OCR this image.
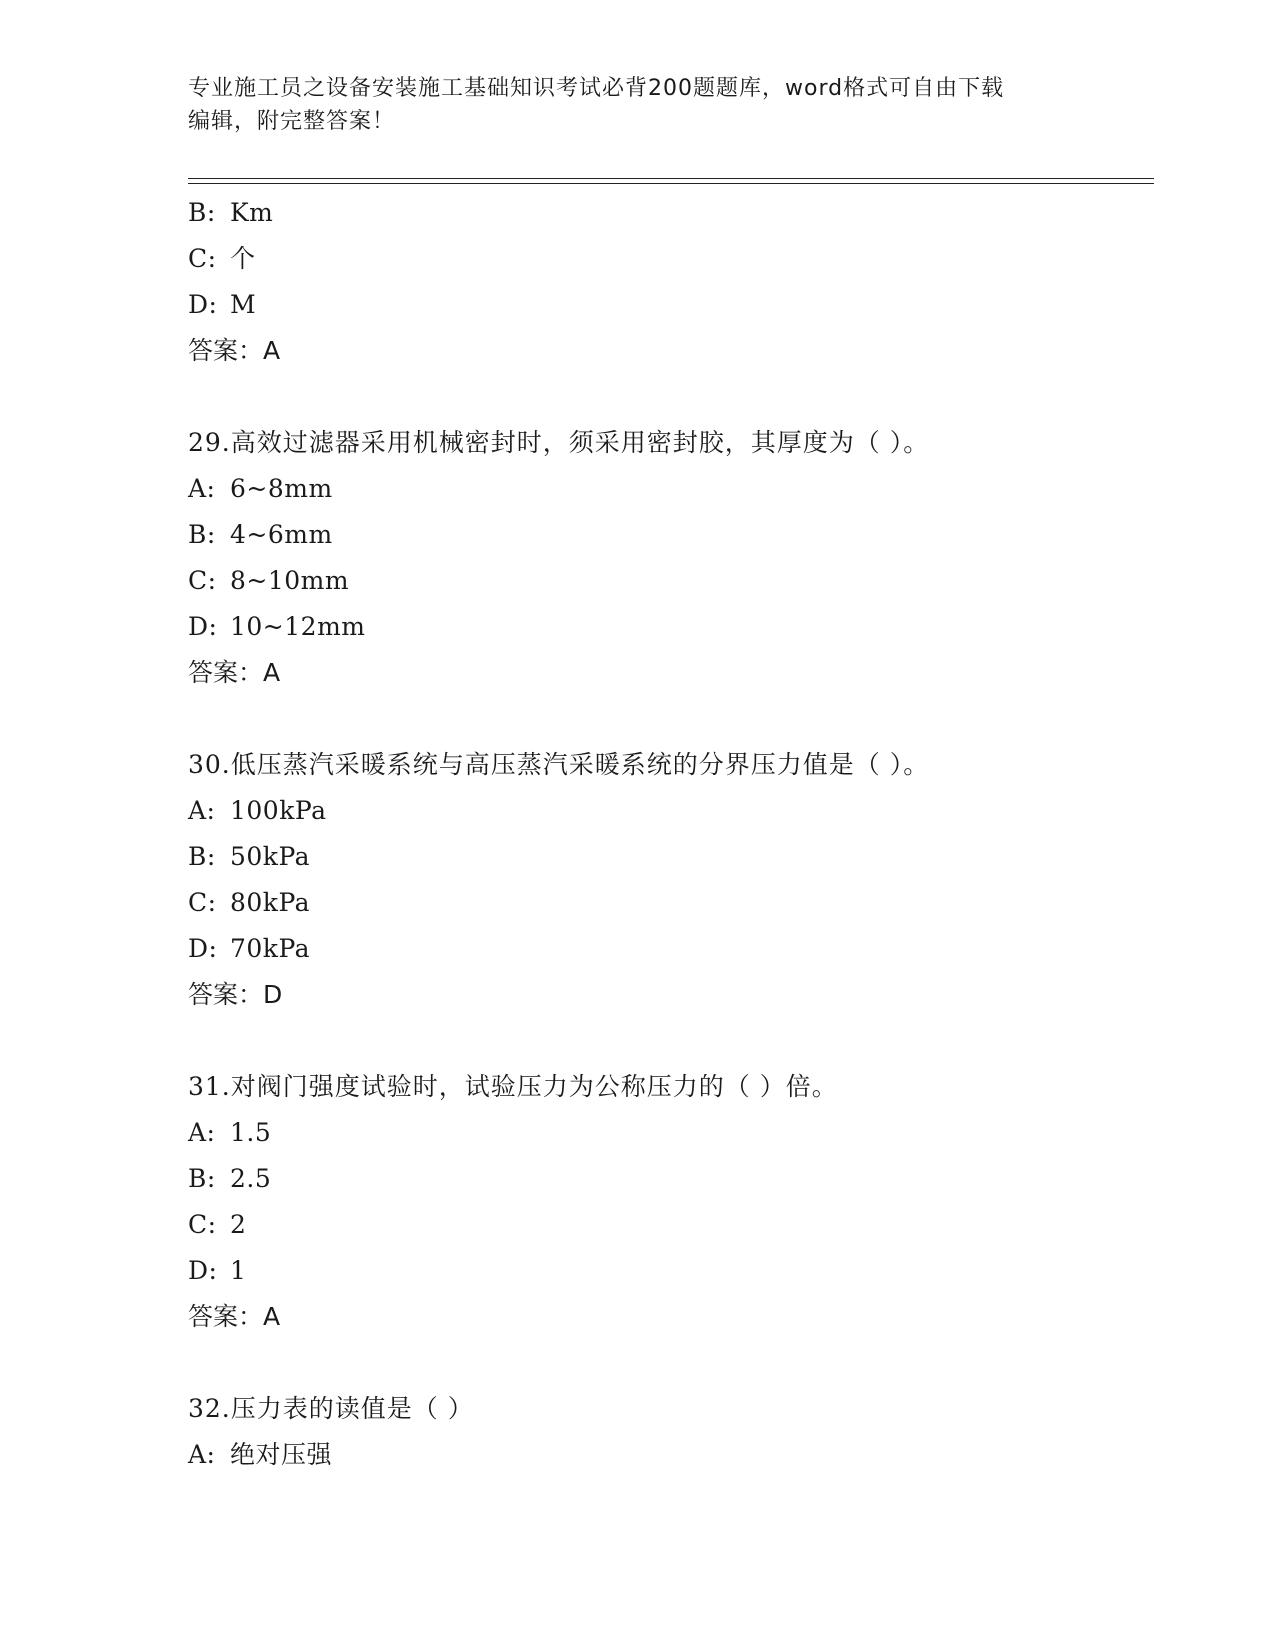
专业施工员之设备安装施工基础知识考试必背200题题库，word格式可自由下载
编辑，附完整答案！
B: Km
C: 个
D: M
答案：A
29.高效过滤器采用机械密封时，须采用密封胶，其厚度为（ ）。
A: 6~8mm
B: 4~6mm
C: 8~10mm
D: 10~12mm
答案：A
30.低压蒸汽采暖系统与高压蒸汽采暖系统的分界压力值是（ ）。
A: 100kPa
B: 50kPa
C: 80kPa
D: 70kPa
答案：D
31.对阀门强度试验时，试验压力为公称压力的（ ）倍。
A: 1.5
B: 2.5
C: 2
D: 1
答案：A
32.压力表的读值是（ ）
A: 绝对压强
